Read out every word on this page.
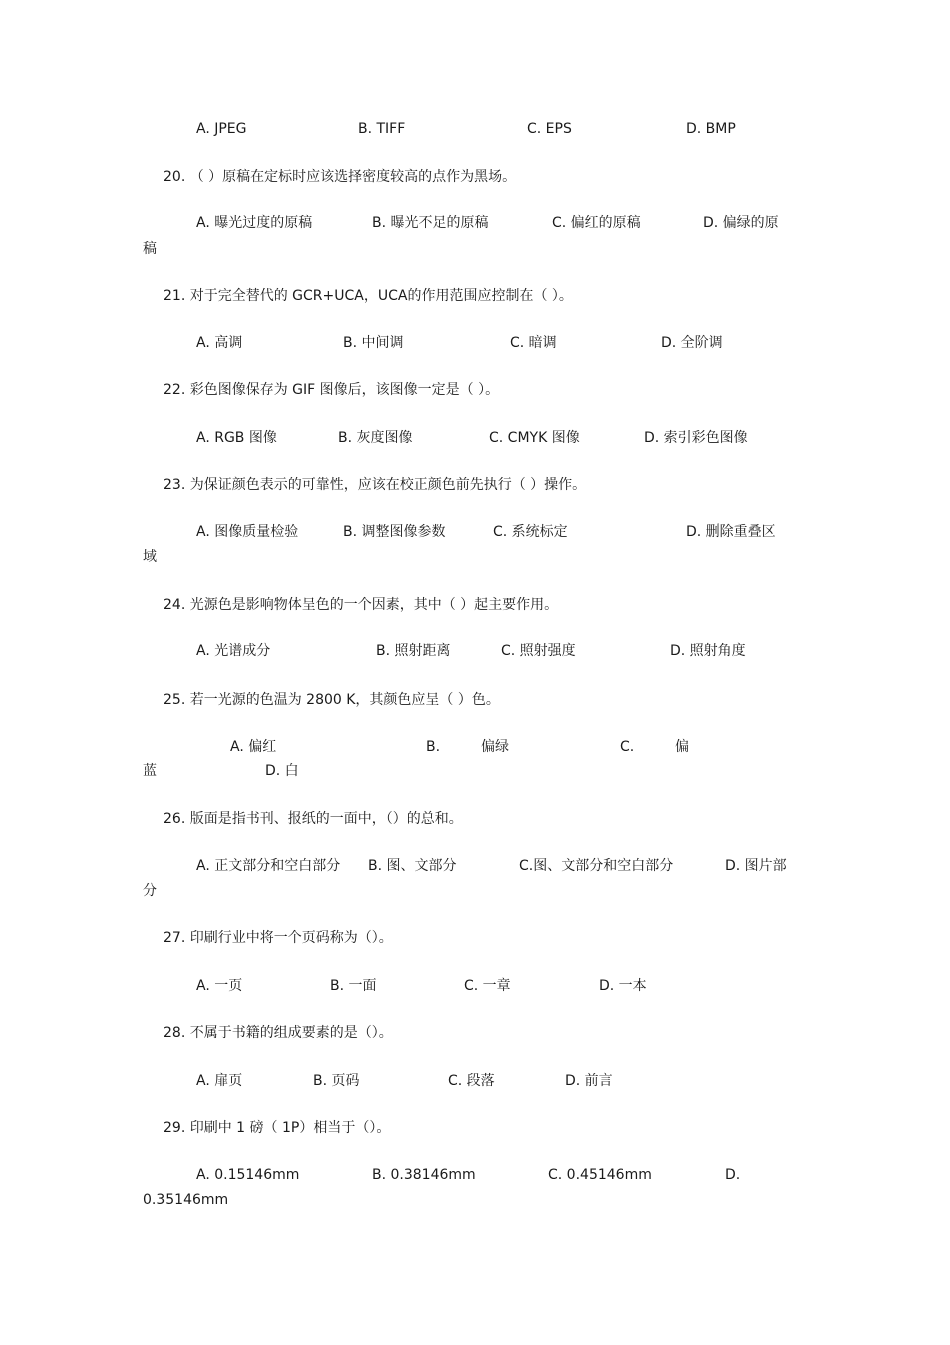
A. JPEG	B. TIFF	C. EPS	D. BMP
20. （ ）原稿在定标时应该选择密度较高的点作为黑场。
A. 曝光过度的原稿	B. 曝光不足的原稿	C. 偏红的原稿	D. 偏绿的原
稿
21. 对于完全替代的 GCR+UCA，UCA的作用范围应控制在（ ）。
A. 高调	B. 中间调	C. 暗调	D. 全阶调
22. 彩色图像保存为 GIF 图像后，该图像一定是（ ）。
A. RGB 图像	B. 灰度图像	C. CMYK 图像	D. 索引彩色图像
23. 为保证颜色表示的可靠性，应该在校正颜色前先执行（ ）操作。
A. 图像质量检验	B. 调整图像参数	C. 系统标定	D. 删除重叠区
域
24. 光源色是影响物体呈色的一个因素，其中（ ）起主要作用。
A. 光谱成分	B. 照射距离	C. 照射强度	D. 照射角度
25. 若一光源的色温为 2800 K，其颜色应呈（ ）色。
A. 偏红	B.	偏绿	C.	偏
蓝	D. 白
26. 版面是指书刊、报纸的一面中，（）的总和。
A. 正文部分和空白部分 B. 图、文部分	C.图、文部分和空白部分	D. 图片部
分
27. 印刷行业中将一个页码称为（）。
A. 一页	B. 一面	C. 一章	D. 一本
28. 不属于书籍的组成要素的是（）。
A. 扉页	B. 页码	C. 段落	D. 前言
29. 印刷中 1 磅（ 1P）相当于（）。
A. 0.15146mm	B. 0.38146mm	C. 0.45146mm	D.
0.35146mm
